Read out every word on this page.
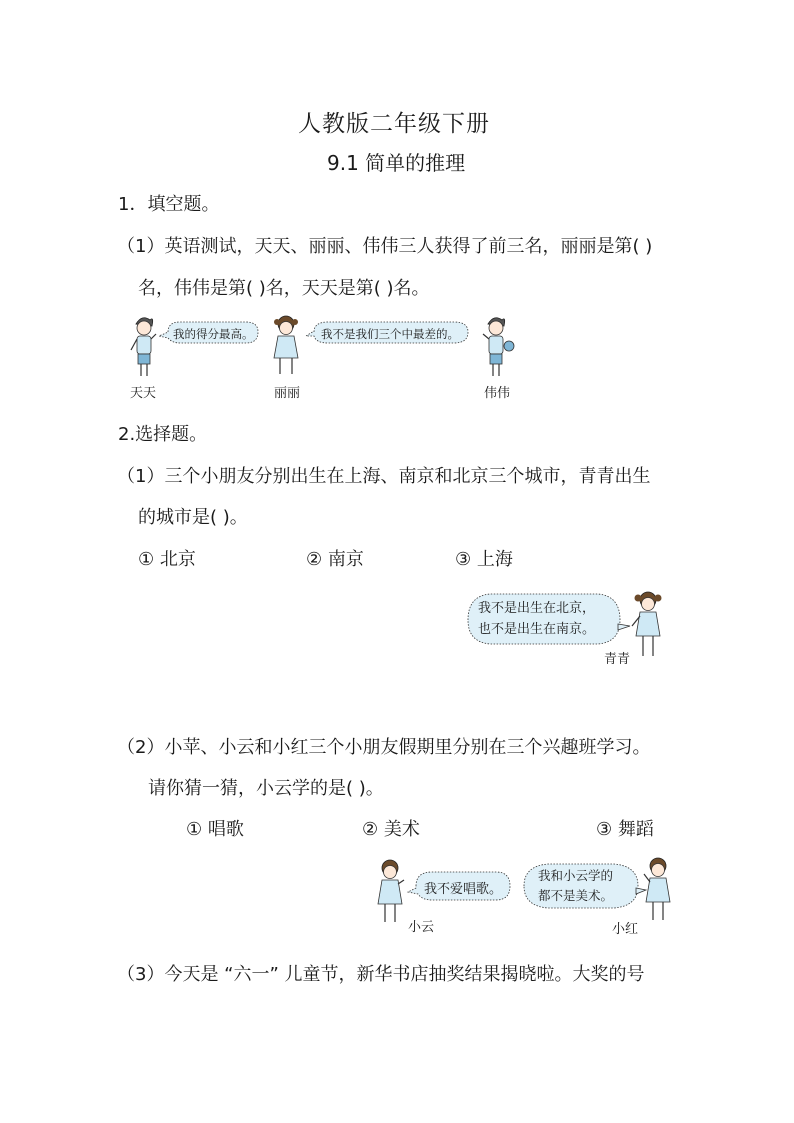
人教版二年级下册
9.1 简单的推理
1．填空题。
（1）英语测试，天天、丽丽、伟伟三人获得了前三名，丽丽是第( )
名，伟伟是第( )名，天天是第( )名。
我的得分最高。	我不是我们三个中最差的。
天天	丽丽	伟伟
2.选择题。
（1）三个小朋友分别出生在上海、南京和北京三个城市，青青出生
的城市是( )。
① 北京	② 南京	③ 上海
我不是出生在北京，
也不是出生在南京。
青青
（2）小苹、小云和小红三个小朋友假期里分别在三个兴趣班学习。
请你猜一猜，小云学的是( )。
① 唱歌	② 美术	③ 舞蹈
我不爱唱歌。
我和小云学的
都不是美术。
小云	小红
（3）今天是 “六一” 儿童节，新华书店抽奖结果揭晓啦。大奖的号
